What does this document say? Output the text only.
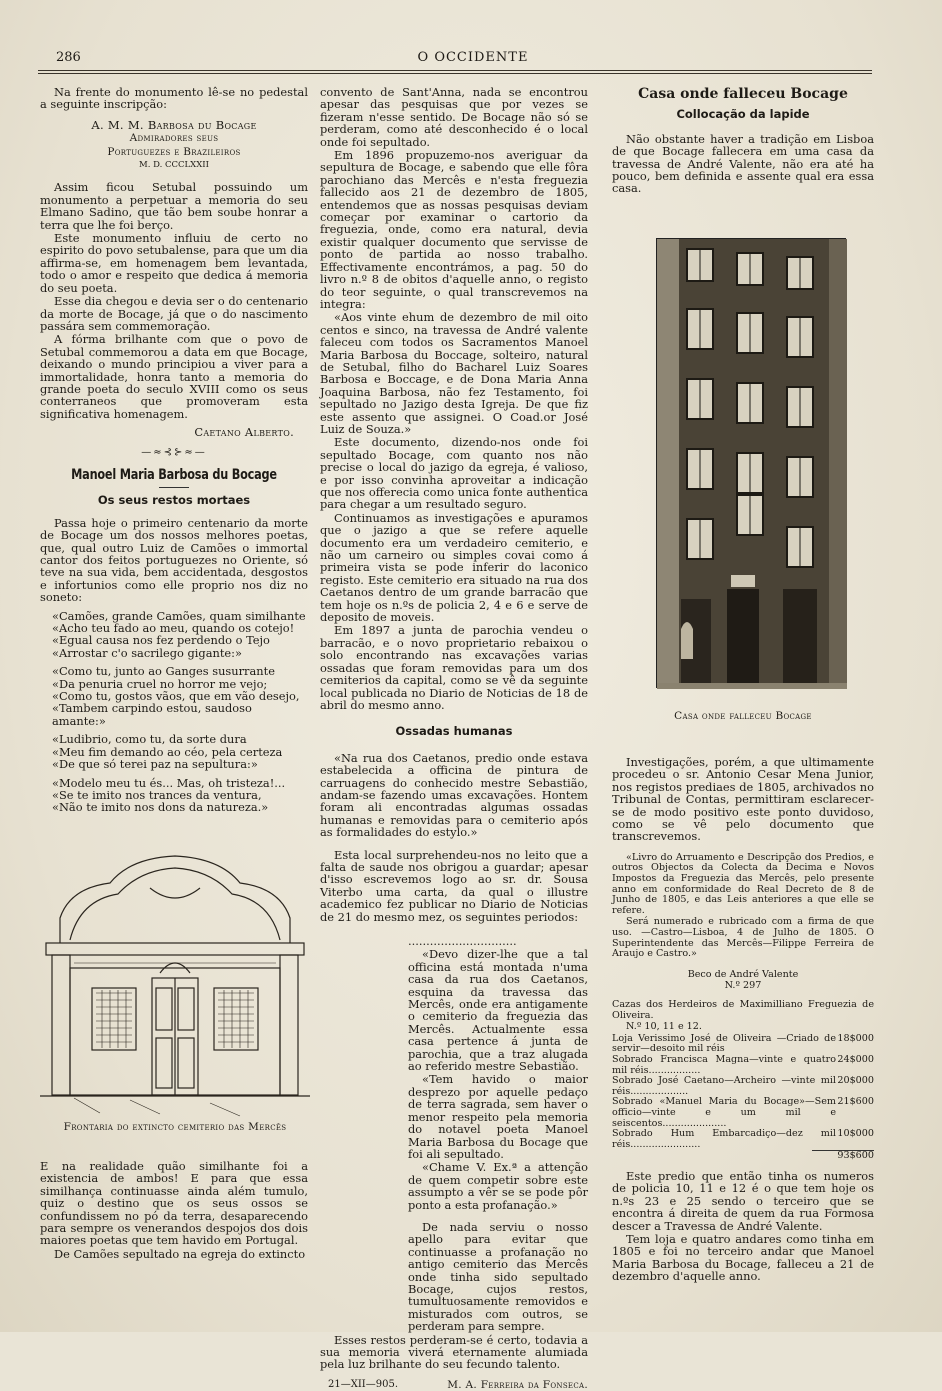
286	O OCCIDENTE

Na frente do monumento lê-se no pedestal a seguinte inscripção:

A. M. M. Barbosa du Bocage

Admiradores seus

Portuguezes e Brazileiros

M. D. CCCLXXII

Assim ficou Setubal possuindo um monumento a perpetuar a memoria do seu Elmano Sadino, que tão bem soube honrar a terra que lhe foi berço.

Este monumento influiu de certo no espirito do povo setubalense, para que um dia affirma-se, em homenagem bem levantada, todo o amor e respeito que dedica á memoria do seu poeta.

Esse dia chegou e devia ser o do centenario da morte de Bocage, já que o do nascimento passára sem commemoração.

A fórma brilhante com que o povo de Setubal commemorou a data em que Bocage, deixando o mundo principiou a viver para a immortalidade, honra tanto a memoria do grande poeta do seculo XVIII como os seus conterraneos que promoveram esta significativa homenagem.

Caetano Alberto.

—≈⊰⊱≈—
Manoel Maria Barbosa du Bocage
Os seus restos mortaes

Passa hoje o primeiro centenario da morte de Bocage um dos nossos melhores poetas, que, qual outro Luiz de Camões o immortal cantor dos feitos portuguezes no Oriente, só teve na sua vida, bem accidentada, desgostos e infortunios como elle proprio nos diz no soneto:

«Camões, grande Camões, quam similhante
«Acho teu fado ao meu, quando os cotejo!
«Egual causa nos fez perdendo o Tejo
«Arrostar c'o sacrilego gigante:»
«Como tu, junto ao Ganges susurrante
«Da penuria cruel no horror me vejo;
«Como tu, gostos vãos, que em vão desejo,
«Tambem carpindo estou, saudoso amante:»
«Ludibrio, como tu, da sorte dura
«Meu fim demando ao céo, pela certeza
«De que só terei paz na sepultura:»
«Modelo meu tu és... Mas, oh tristeza!...
«Se te imito nos trances da ventura,
«Não te imito nos dons da natureza.»
Frontaria do extincto cemiterio das Mercês

E na realidade quão similhante foi a existencia de ambos! E para que essa similhança continuasse ainda além tumulo, quiz o destino que os seus ossos se confundissem no pó da terra, desaparecendo para sempre os venerandos despojos dos dois maiores poetas que tem havido em Portugal.

De Camões sepultado na egreja do extincto

convento de Sant'Anna, nada se encontrou apesar das pesquisas que por vezes se fizeram n'esse sentido. De Bocage não só se perderam, como até desconhecido é o local onde foi sepultado.

Em 1896 propuzemo-nos averiguar da sepultura de Bocage, e sabendo que elle fôra parochiano das Mercês e n'esta freguezia fallecido aos 21 de dezembro de 1805, entendemos que as nossas pesquisas deviam começar por examinar o cartorio da freguezia, onde, como era natural, devia existir qualquer documento que servisse de ponto de partida ao nosso trabalho. Effectivamente encontrámos, a pag. 50 do livro n.º 8 de obitos d'aquelle anno, o registo do teor seguinte, o qual transcrevemos na integra:

«Aos vinte ehum de dezembro de mil oito centos e sinco, na travessa de André valente faleceu com todos os Sacramentos Manoel Maria Barbosa du Boccage, solteiro, natural de Setubal, filho do Bacharel Luiz Soares Barbosa e Boccage, e de Dona Maria Anna Joaquina Barbosa, não fez Testamento, foi sepultado no Jazigo desta Igreja. De que fiz este assento que assignei. O Coad.or José Luiz de Souza.»

Este documento, dizendo-nos onde foi sepultado Bocage, com quanto nos não precise o local do jazigo da egreja, é valioso, e por isso convinha aproveitar a indicação que nos offerecia como unica fonte authentica para chegar a um resultado seguro.

Continuamos as investigações e apuramos que o jazigo a que se refere aquelle documento era um verdadeiro cemiterio, e não um carneiro ou simples covai como á primeira vista se pode inferir do laconico registo. Este cemiterio era situado na rua dos Caetanos dentro de um grande barracão que tem hoje os n.ºs de policia 2, 4 e 6 e serve de deposito de moveis.

Em 1897 a junta de parochia vendeu o barracão, e o novo proprietario rebaixou o solo encontrando nas excavações varias ossadas que foram removidas para um dos cemiterios da capital, como se vê da seguinte local publicada no Diario de Noticias de 18 de abril do mesmo anno.

Ossadas humanas

«Na rua dos Caetanos, predio onde estava estabelecida a officina de pintura de carruagens do conhecido mestre Sebastião, andam-se fazendo umas excavações. Hontem foram ali encontradas algumas ossadas humanas e removidas para o cemiterio após as formalidades do estylo.»

Esta local surprehendeu-nos no leito que a falta de saude nos obrigou a guardar; apesar d'isso escrevemos logo ao sr. dr. Sousa Viterbo uma carta, da qual o illustre academico fez publicar no Diario de Noticias de 21 do mesmo mez, os seguintes periodos:

..............................

«Devo dizer-lhe que a tal officina está montada n'uma casa da rua dos Caetanos, esquina da travessa das Mercês, onde era antigamente o cemiterio da freguezia das Mercês. Actualmente essa casa pertence á junta de parochia, que a traz alugada ao referido mestre Sebastião.

«Tem havido o maior desprezo por aquelle pedaço de terra sagrada, sem haver o menor respeito pela memoria do notavel poeta Manoel Maria Barbosa du Bocage que foi ali sepultado.

«Chame V. Ex.ª a attenção de quem competir sobre este assumpto a vêr se se pode pôr ponto a esta profanação.»

De nada serviu o nosso apello para evitar que continuasse a profanação no antigo cemiterio das Mercês onde tinha sido sepultado Bocage, cujos restos, tumultuosamente removidos e misturados com outros, se perderam para sempre.

Esses restos perderam-se é certo, todavia a sua memoria viverá eternamente alumiada pela luz brilhante do seu fecundo talento.

21—XII—905.	M. A. Ferreira da Fonseca.
Casa onde falleceu Bocage
Collocação da lapide

Não obstante haver a tradição em Lisboa de que Bocage fallecera em uma casa da travessa de André Valente, não era até ha pouco, bem definida e assente qual era essa casa.

Casa onde falleceu Bocage

Investigações, porém, a que ultimamente procedeu o sr. Antonio Cesar Mena Junior, nos registos prediaes de 1805, archivados no Tribunal de Contas, permittiram esclarecer-se de modo positivo este ponto duvidoso, como se vê pelo documento que transcrevemos.

«Livro do Arruamento e Descripção dos Predios, e outros Objectos da Colecta da Decima e Novos Impostos da Freguezia das Mercês, pelo presente anno em conformidade do Real Decreto de 8 de Junho de 1805, e das Leis anteriores a que elle se refere.

Será numerado e rubricado com a firma de que uso. —Castro—Lisboa, 4 de Julho de 1805. O Superintendente das Mercês—Filippe Ferreira de Araujo e Castro.»

Beco de André Valente

N.º 297

Cazas dos Herdeiros de Maximilliano Freguezia de Oliveira.

N.º 10, 11 e 12.

Loja Verissimo José de Oliveira —Criado de servir—desoito mil réis
18$000
Sobrado Francisca Magna—vinte e quatro mil réis.................
24$000
Sobrado José Caetano—Archeiro —vinte mil réis...................
20$000
Sobrado «Manuel Maria du Bocage»—Sem officio—vinte e um mil e seiscentos.....................
21$600
Sobrado Hum Embarcadiço—dez mil réis.......................
10$000
93$600

Este predio que então tinha os numeros de policia 10, 11 e 12 é o que tem hoje os n.ºs 23 e 25 sendo o terceiro que se encontra á direita de quem da rua Formosa descer a Travessa de André Valente.

Tem loja e quatro andares como tinha em 1805 e foi no terceiro andar que Manoel Maria Barbosa du Bocage, falleceu a 21 de dezembro d'aquelle anno.
